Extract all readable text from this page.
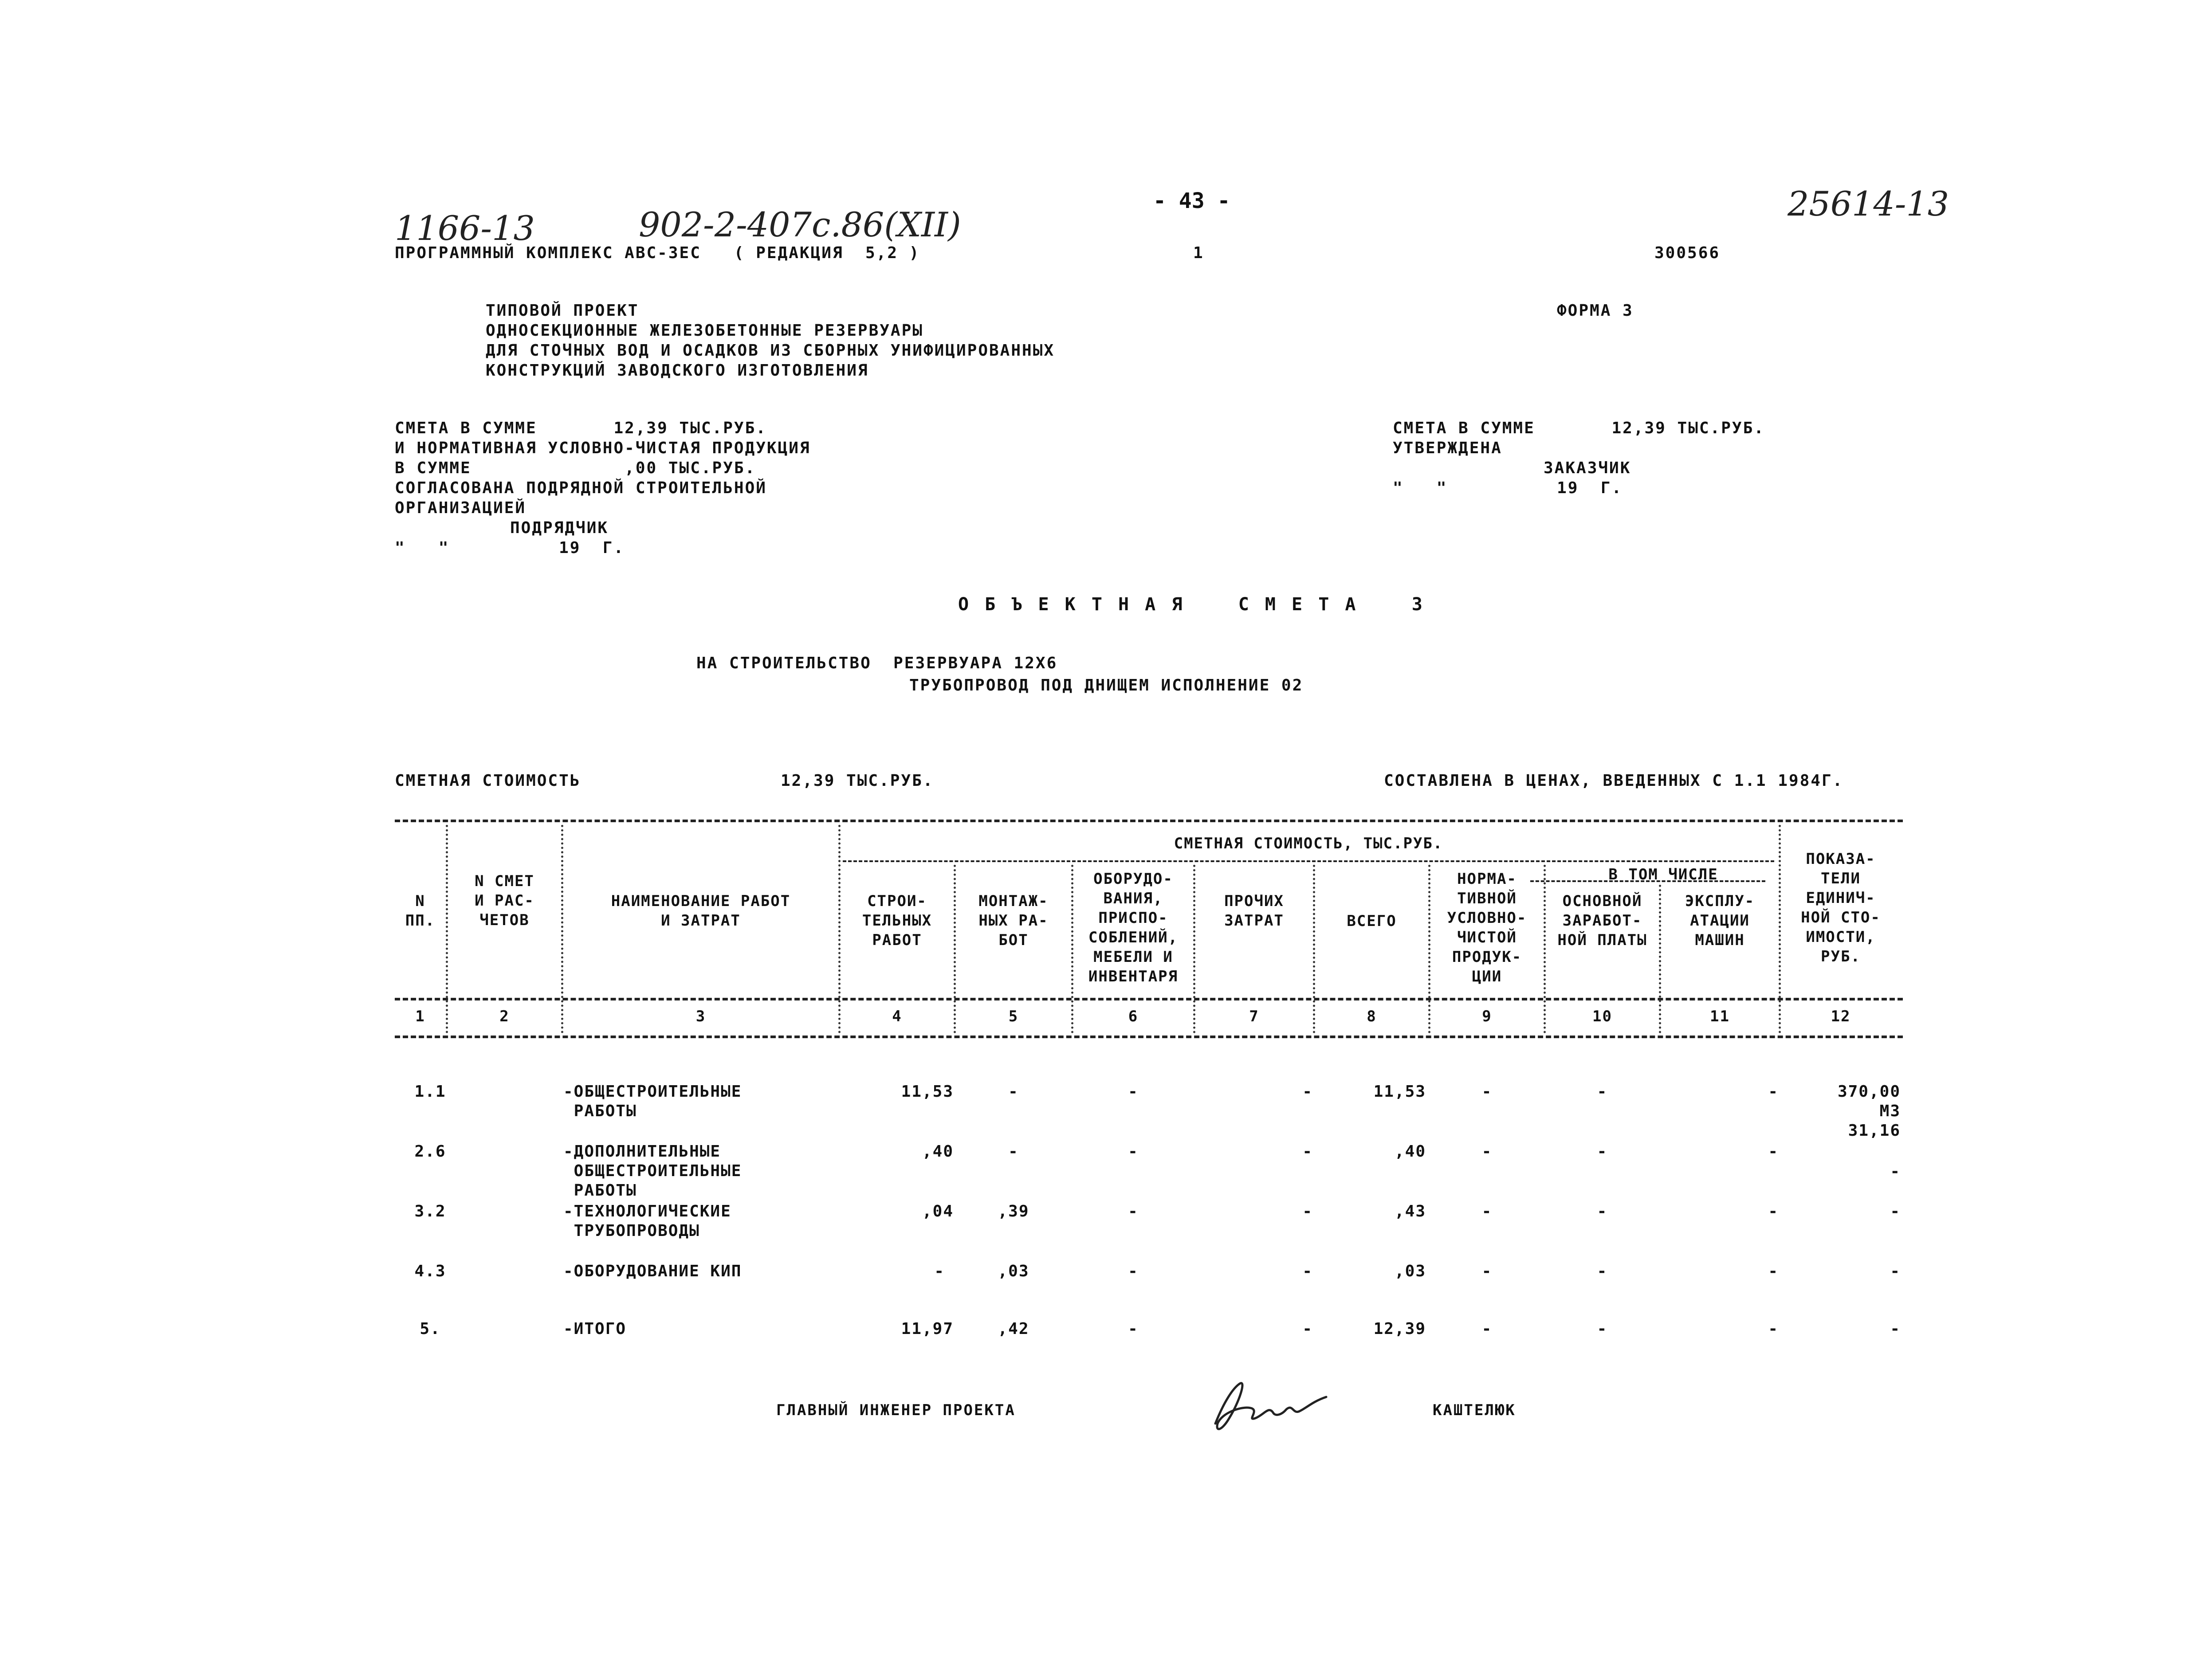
1166-13	902-2-407с.86(XII)
25614-13
- 43 -
ПРОГРАММНЫЙ КОМПЛЕКС АВС-3ЕС   ( РЕДАКЦИЯ  5,2 )	1	300566
ТИПОВОЙ ПРОЕКТ
ОДНОСЕКЦИОННЫЕ ЖЕЛЕЗОБЕТОННЫЕ РЕЗЕРВУАРЫ
ДЛЯ СТОЧНЫХ ВОД И ОСАДКОВ ИЗ СБОРНЫХ УНИФИЦИРОВАННЫХ
КОНСТРУКЦИЙ ЗАВОДСКОГО ИЗГОТОВЛЕНИЯ
ФОРМА 3
СМЕТА В СУММЕ       12,39 ТЫС.РУБ.
И НОРМАТИВНАЯ УСЛОВНО-ЧИСТАЯ ПРОДУКЦИЯ
В СУММЕ              ,00 ТЫС.РУБ.
СОГЛАСОВАНА ПОДРЯДНОЙ СТРОИТЕЛЬНОЙ
ОРГАНИЗАЦИЕЙ
ПОДРЯДЧИК
"   "          19  Г.
СМЕТА В СУММЕ       12,39 ТЫС.РУБ.
УТВЕРЖДЕНА
ЗАКАЗЧИК
"   "          19  Г.
О Б Ъ Е К Т Н А Я    С М Е Т А    3
НА СТРОИТЕЛЬСТВО  РЕЗЕРВУАРА 12Х6
ТРУБОПРОВОД ПОД ДНИЩЕМ ИСПОЛНЕНИЕ 02
СМЕТНАЯ СТОИМОСТЬ	12,39 ТЫС.РУБ.	СОСТАВЛЕНА В ЦЕНАХ, ВВЕДЕННЫХ С 1.1 1984Г.
СМЕТНАЯ СТОИМОСТЬ, ТЫС.РУБ.
В ТОМ ЧИСЛЕ
N
ПП.
N СМЕТ
И РАС-
ЧЕТОВ
НАИМЕНОВАНИЕ РАБОТ
И ЗАТРАТ
СТРОИ-
ТЕЛЬНЫХ
РАБОТ
МОНТАЖ-
НЫХ РА-
БОТ
ОБОРУДО-
ВАНИЯ,
ПРИСПО-
СОБЛЕНИЙ,
МЕБЕЛИ И
ИНВЕНТАРЯ
ПРОЧИХ
ЗАТРАТ	ВСЕГО
НОРМА-
ТИВНОЙ
УСЛОВНО-
ЧИСТОЙ
ПРОДУК-
ЦИИ
ОСНОВНОЙ
ЗАРАБОТ-
НОЙ ПЛАТЫ
ЭКСПЛУ-
АТАЦИИ
МАШИН
ПОКАЗА-
ТЕЛИ
ЕДИНИЧ-
НОЙ СТО-
ИМОСТИ,
РУБ.
1	2	3	4	5	6	7	8	9	10	11	12
1.1	-ОБЩЕСТРОИТЕЛЬНЫЕ
РАБОТЫ
11,53	-	-	-	11,53	-	-	-	370,00
М3
31,16
2.6	-ДОПОЛНИТЕЛЬНЫЕ
ОБЩЕСТРОИТЕЛЬНЫЕ
РАБОТЫ
,40	-	-	-	,40	-	-	-
-
3.2	-ТЕХНОЛОГИЧЕСКИЕ
ТРУБОПРОВОДЫ
,04	,39	-	-	,43	-	-	-	-
4.3	-ОБОРУДОВАНИЕ КИП	-	,03	-	-	,03	-	-	-	-
5.	-ИТОГО	11,97	,42	-	-	12,39	-	-	-	-
ГЛАВНЫЙ ИНЖЕНЕР ПРОЕКТА	КАШТЕЛЮК
